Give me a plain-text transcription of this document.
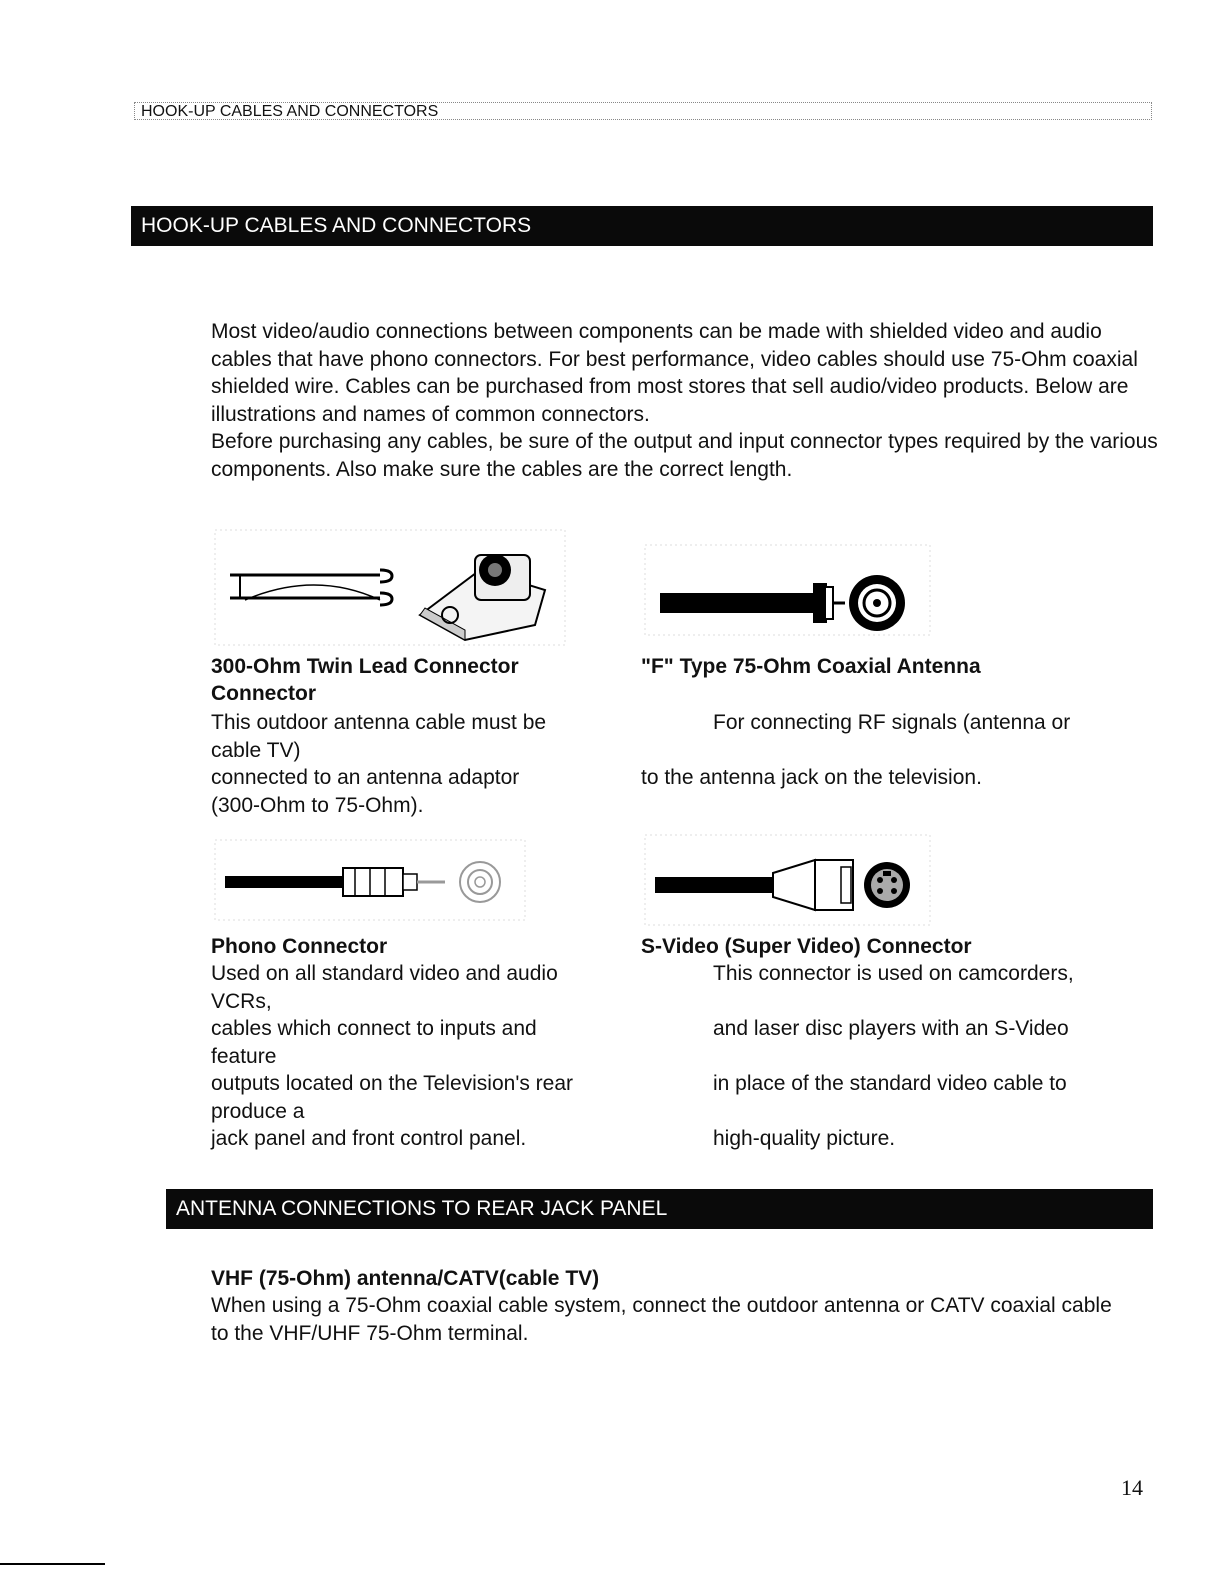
HOOK-UP CABLES AND CONNECTORS
HOOK-UP CABLES AND CONNECTORS

Most video/audio connections between components can be made with shielded video and audio cables that have phono connectors. For best performance, video cables should use 75-Ohm coaxial shielded wire. Cables can be purchased from most stores that sell audio/video products. Below are illustrations and names of common connectors.

Before purchasing any cables, be sure of the output and input connector types required by the various components. Also make sure the cables are the correct length.

300-Ohm Twin Lead Connector
Connector
"F" Type 75-Ohm Coaxial Antenna
This outdoor antenna cable must be
cable TV)
connected to an antenna adaptor
(300-Ohm to 75-Ohm).
For connecting RF signals (antenna or
to the antenna jack on the television.
Phono Connector	S-Video (Super Video) Connector
Used on all standard video and audio
VCRs,
cables which connect to inputs and
feature
outputs located on the Television's rear
produce a
jack panel and front control panel.
This connector is used on camcorders,
and laser disc players with an S-Video
in place of the standard video cable to
high-quality picture.
ANTENNA CONNECTIONS TO REAR JACK PANEL
VHF (75-Ohm) antenna/CATV(cable TV)
When using a 75-Ohm coaxial cable system, connect the outdoor antenna or CATV coaxial cable to the VHF/UHF 75-Ohm terminal.
14
